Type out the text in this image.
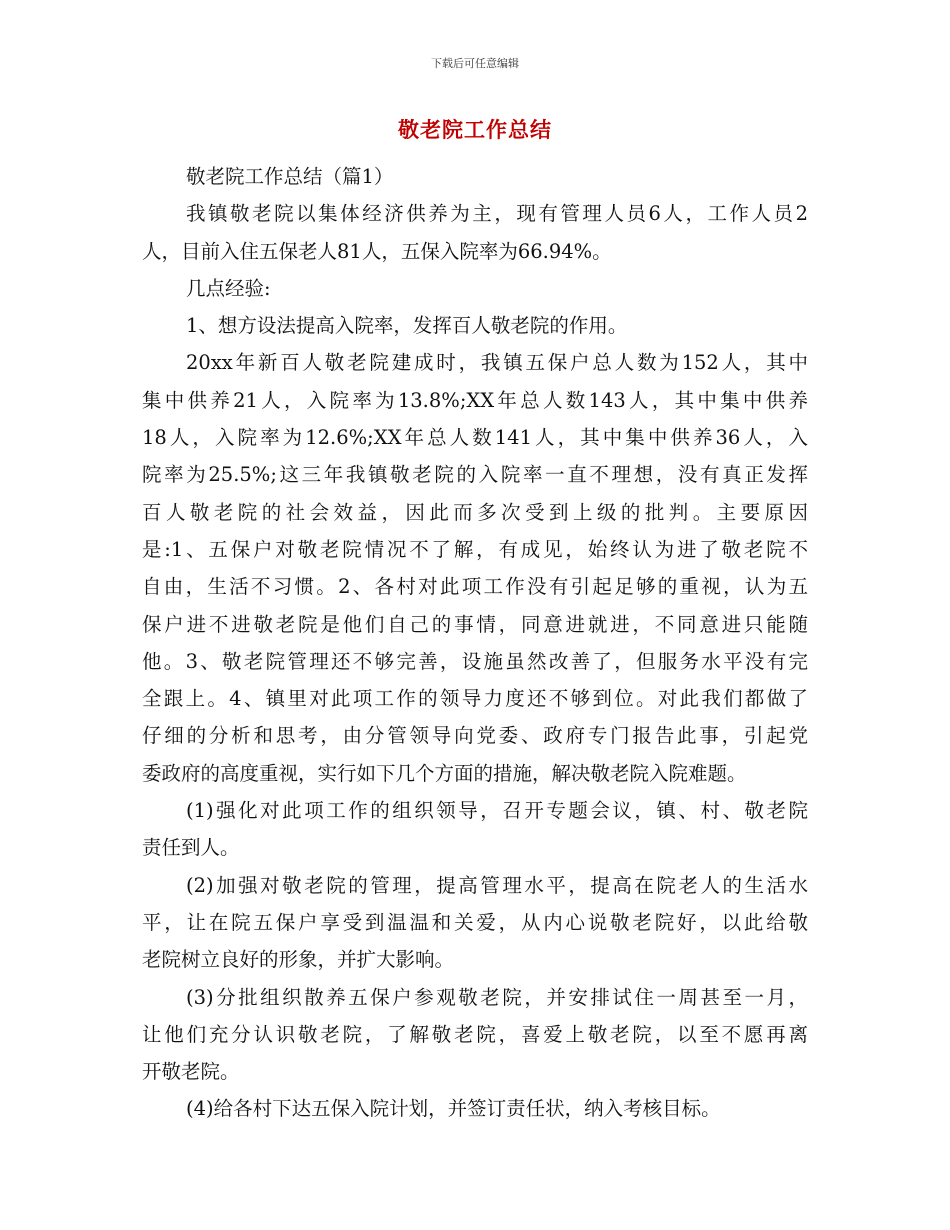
下载后可任意编辑
敬老院工作总结
敬老院工作总结（篇1）
我镇敬老院以集体经济供养为主，现有管理人员6人，工作人员2
人，目前入住五保老人81人，五保入院率为66.94%。
几点经验:
1、想方设法提高入院率，发挥百人敬老院的作用。
20xx年新百人敬老院建成时，我镇五保户总人数为152人，其中
集中供养21人，入院率为13.8%;XX年总人数143人，其中集中供养
18人，入院率为12.6%;XX年总人数141人，其中集中供养36人，入
院率为25.5%;这三年我镇敬老院的入院率一直不理想，没有真正发挥
百人敬老院的社会效益，因此而多次受到上级的批判。主要原因
是:1、五保户对敬老院情况不了解，有成见，始终认为进了敬老院不
自由，生活不习惯。2、各村对此项工作没有引起足够的重视，认为五
保户进不进敬老院是他们自己的事情，同意进就进，不同意进只能随
他。3、敬老院管理还不够完善，设施虽然改善了，但服务水平没有完
全跟上。4、镇里对此项工作的领导力度还不够到位。对此我们都做了
仔细的分析和思考，由分管领导向党委、政府专门报告此事，引起党
委政府的高度重视，实行如下几个方面的措施，解决敬老院入院难题。
(1)强化对此项工作的组织领导，召开专题会议，镇、村、敬老院
责任到人。
(2)加强对敬老院的管理，提高管理水平，提高在院老人的生活水
平，让在院五保户享受到温温和关爱，从内心说敬老院好，以此给敬
老院树立良好的形象，并扩大影响。
(3)分批组织散养五保户参观敬老院，并安排试住一周甚至一月，
让他们充分认识敬老院，了解敬老院，喜爱上敬老院，以至不愿再离
开敬老院。
(4)给各村下达五保入院计划，并签订责任状，纳入考核目标。
